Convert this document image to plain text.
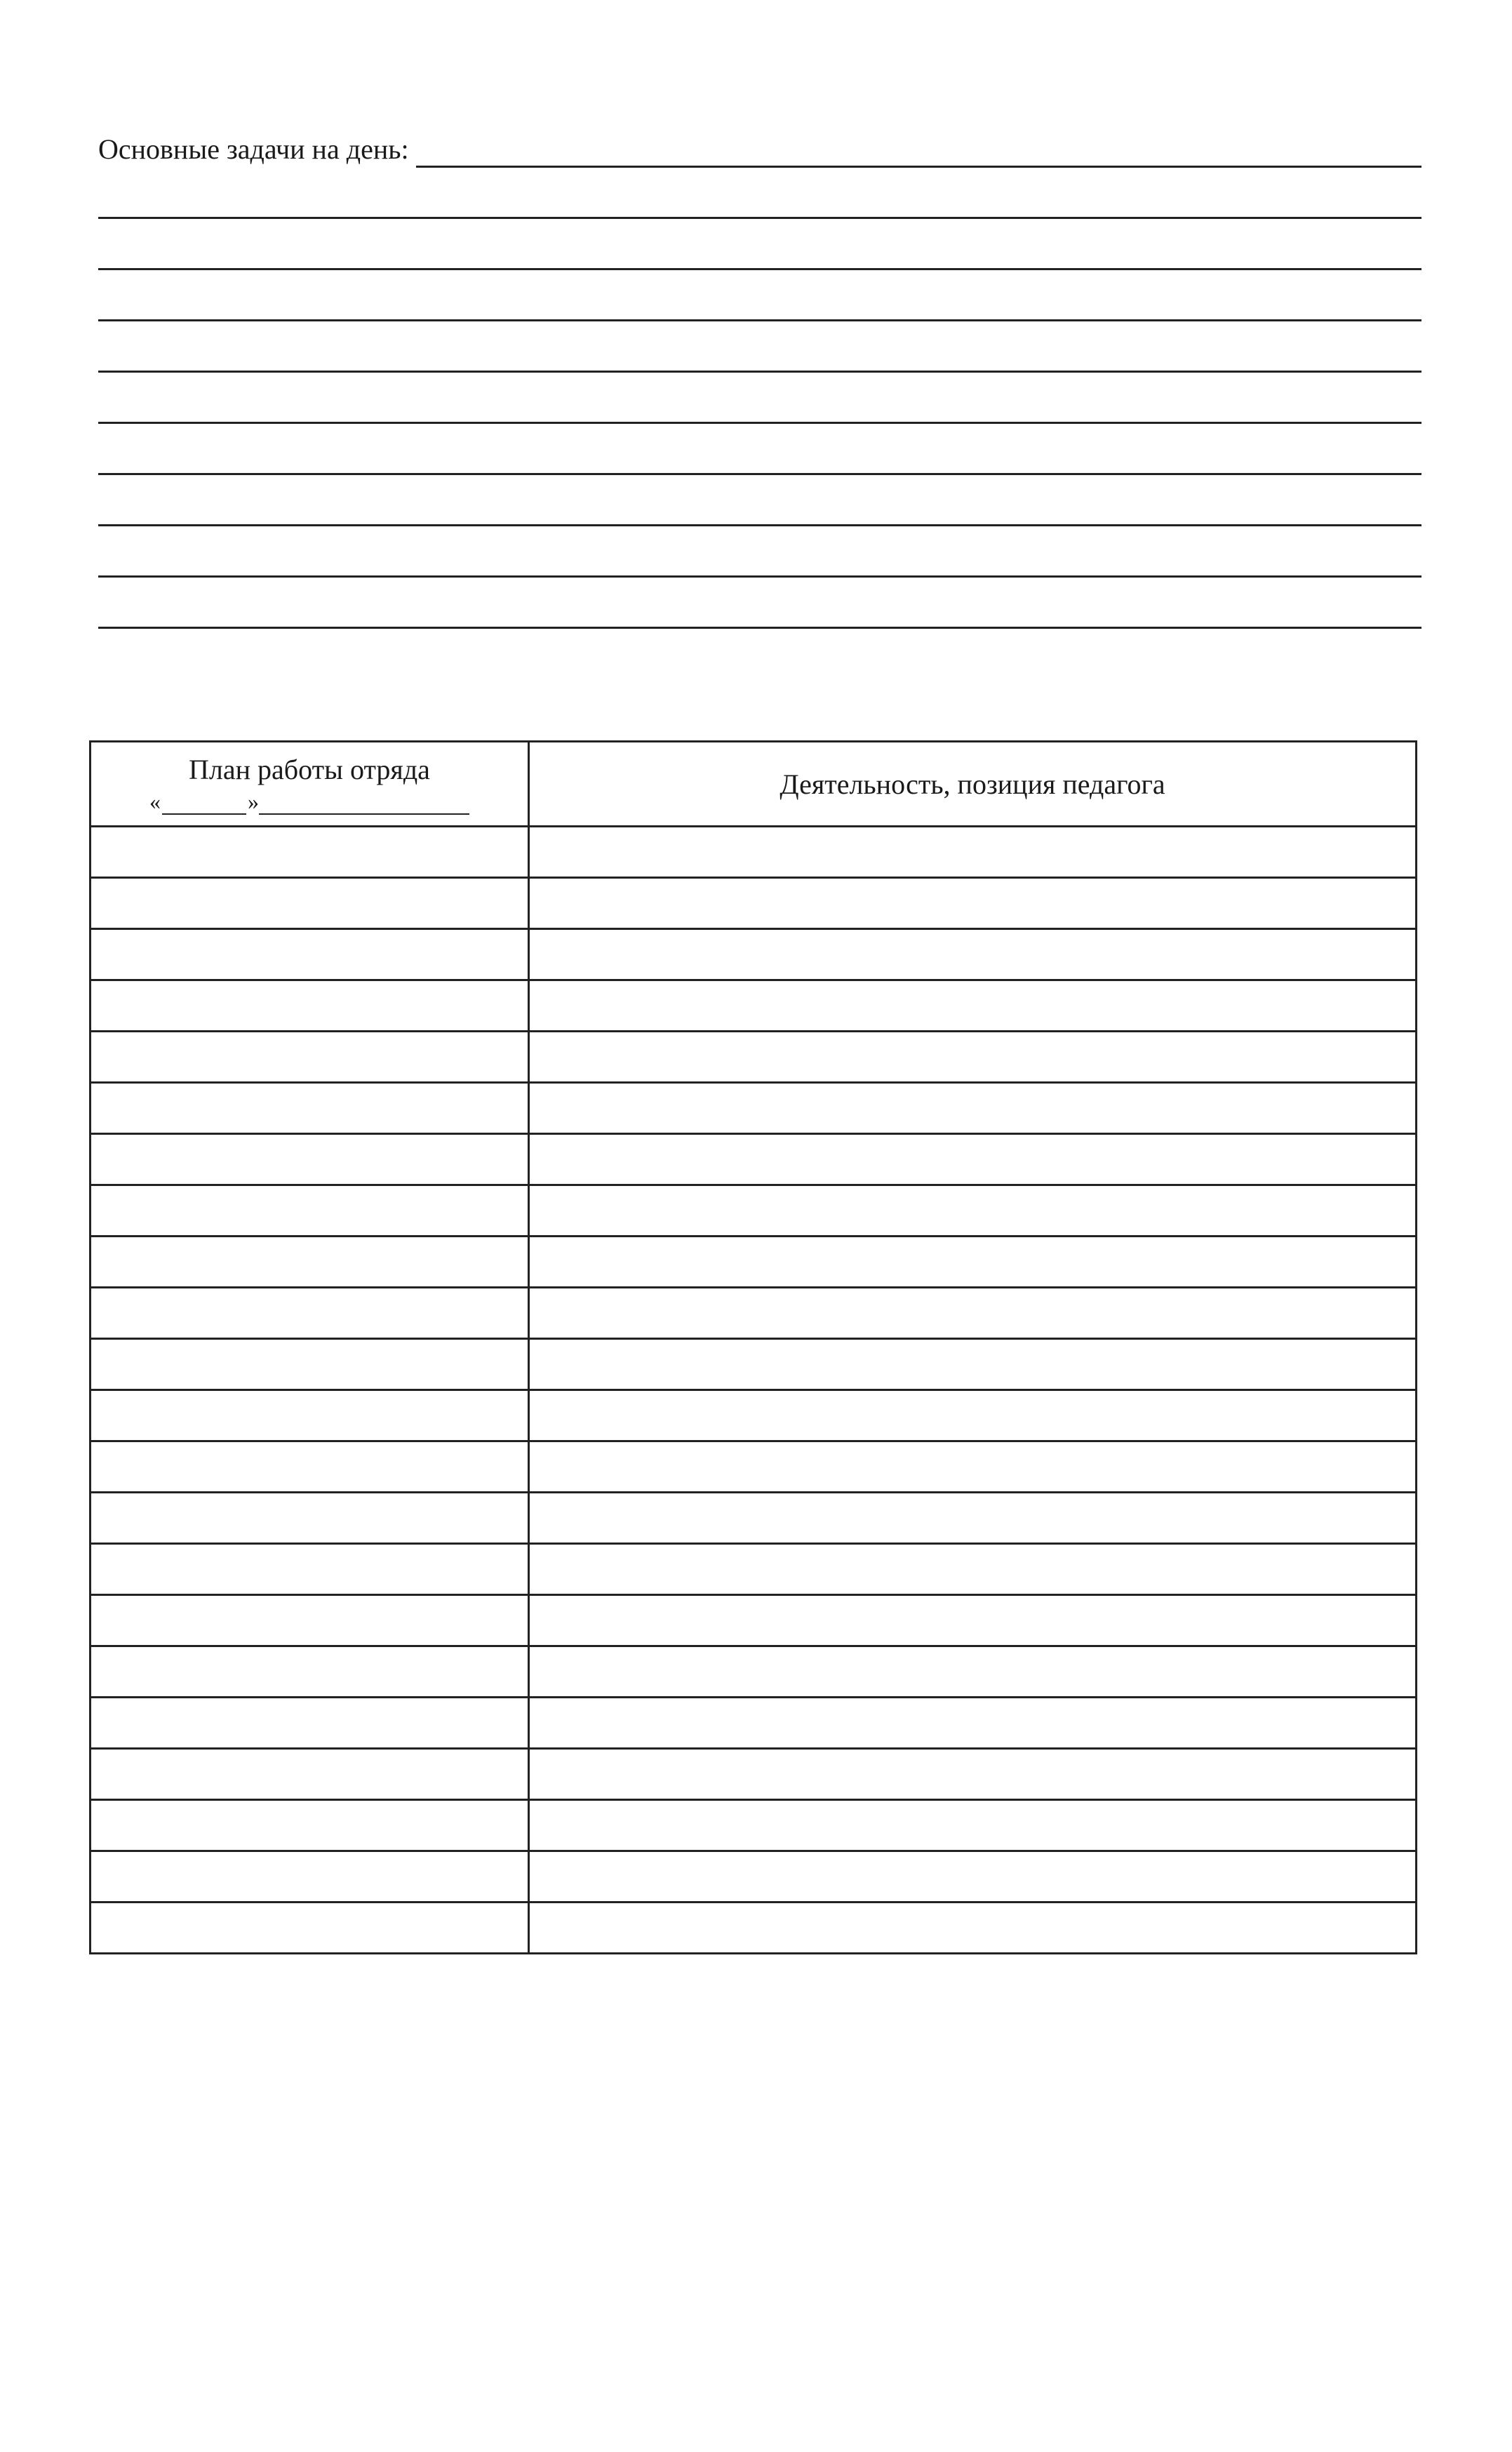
Основные задачи на день:
План работы отряда
« »	Деятельность, позиция педагога
